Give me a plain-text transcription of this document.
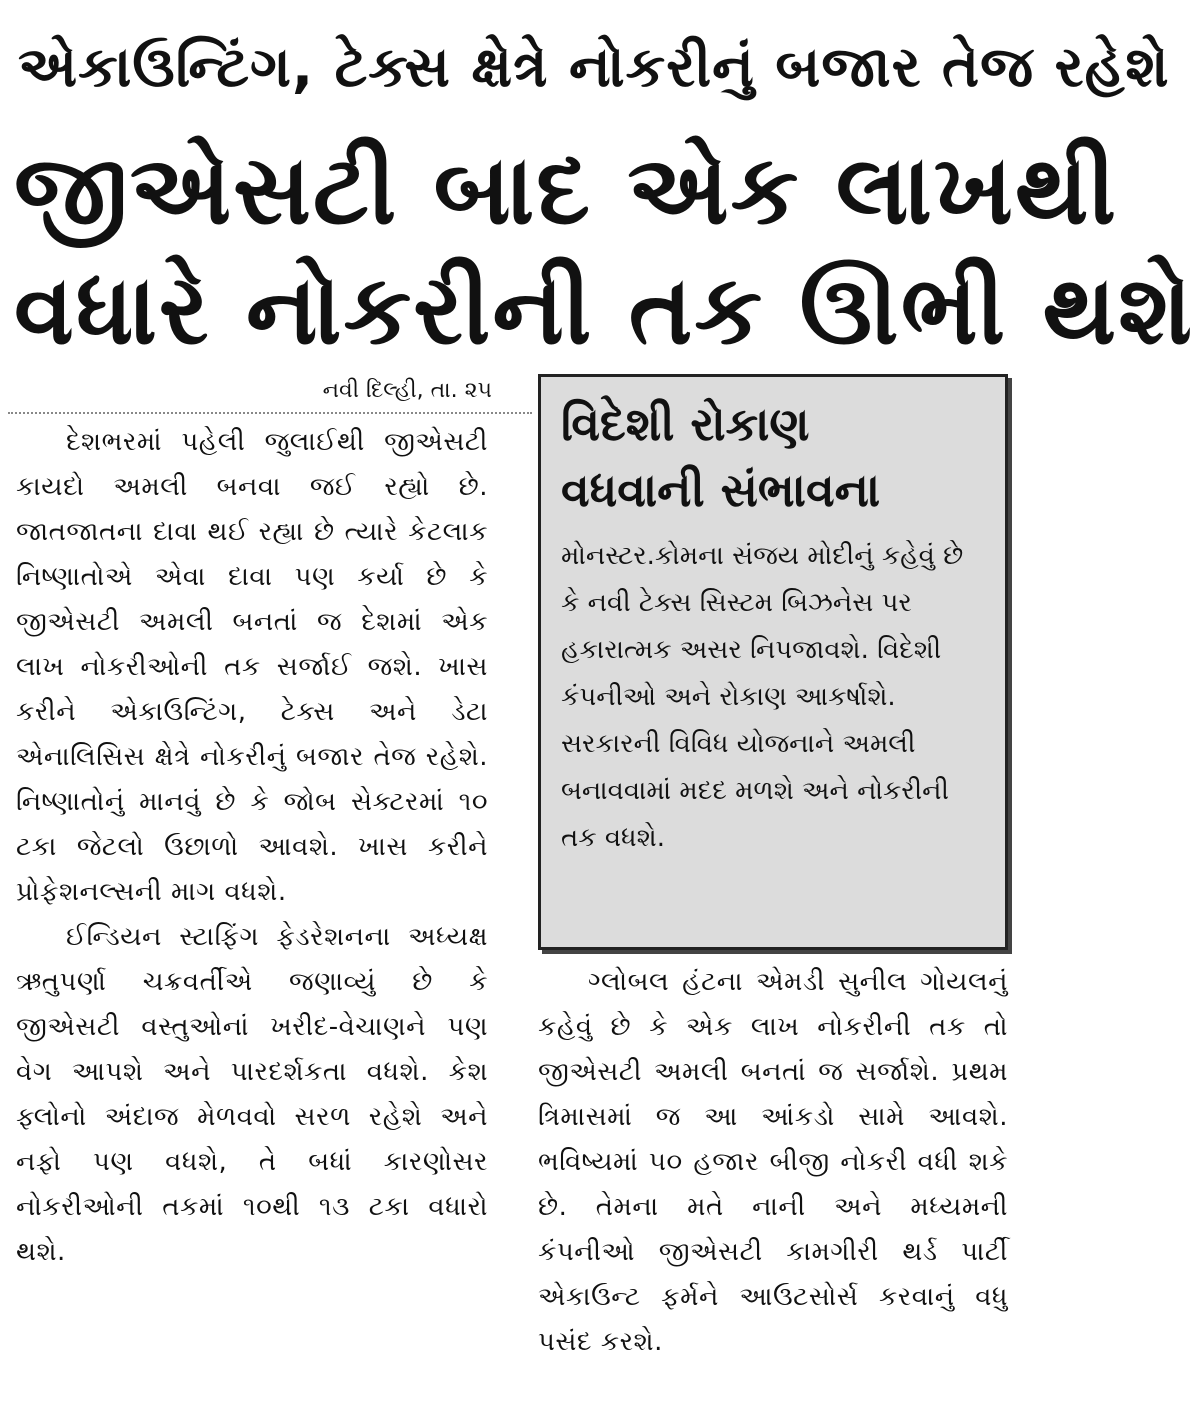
એકાઉન્ટિંગ, ટેક્સ ક્ષેત્રે નોકરીનું બજાર તેજ રહેશે
જીએસટી બાદ એક લાખથી
વધારે નોકરીની તક ઊભી થશે
નવી દિલ્હી, તા. ૨૫

દેશભરમાં પહેલી જુલાઈથી જીએસટી કાયદો અમલી બનવા જઈ રહ્યો છે. જાતજાતના દાવા થઈ રહ્યા છે ત્યારે કેટલાક નિષ્ણાતોએ એવા દાવા પણ કર્યા છે કે જીએસટી અમલી બનતાં જ દેશમાં એક લાખ નોકરીઓની તક સર્જાઈ જશે. ખાસ કરીને એકાઉન્ટિંગ, ટેક્સ અને ડેટા એનાલિસિસ ક્ષેત્રે નોકરીનું બજાર તેજ રહેશે. નિષ્ણાતોનું માનવું છે કે જોબ સેક્ટરમાં ૧૦ ટકા જેટલો ઉછાળો આવશે. ખાસ કરીને પ્રોફેશનલ્સની માગ વધશે.

ઈન્ડિયન સ્ટાફિંગ ફેડરેશનના અધ્યક્ષ ઋતુપર્ણા ચક્રવર્તીએ જણાવ્યું છે કે જીએસટી વસ્તુઓનાં ખરીદ-વેચાણને પણ વેગ આપશે અને પારદર્શકતા વધશે. કેશ ફ્લોનો અંદાજ મેળવવો સરળ રહેશે અને નફો પણ વધશે, તે બધાં કારણોસર નોકરીઓની તકમાં ૧૦થી ૧૩ ટકા વધારો થશે.

વિદેશી રોકાણ
વધવાની સંભાવના
મોનસ્ટર.કોમના સંજય મોદીનું કહેવું છે કે નવી ટેક્સ સિસ્ટમ બિઝનેસ પર હકારાત્મક અસર નિપજાવશે. વિદેશી કંપનીઓ અને રોકાણ આકર્ષાશે. સરકારની વિવિધ યોજનાને અમલી બનાવવામાં મદદ મળશે અને નોકરીની તક વધશે.

ગ્લોબલ હંટના એમડી સુનીલ ગોયલનું કહેવું છે કે એક લાખ નોકરીની તક તો જીએસટી અમલી બનતાં જ સર્જાશે. પ્રથમ ત્રિમાસમાં જ આ આંકડો સામે આવશે. ભવિષ્યમાં ૫૦ હજાર બીજી નોકરી વધી શકે છે. તેમના મતે નાની અને મધ્યમની કંપનીઓ જીએસટી કામગીરી થર્ડ પાર્ટી એકાઉન્ટ ફર્મને આઉટસોર્સ કરવાનું વધુ પસંદ કરશે.
